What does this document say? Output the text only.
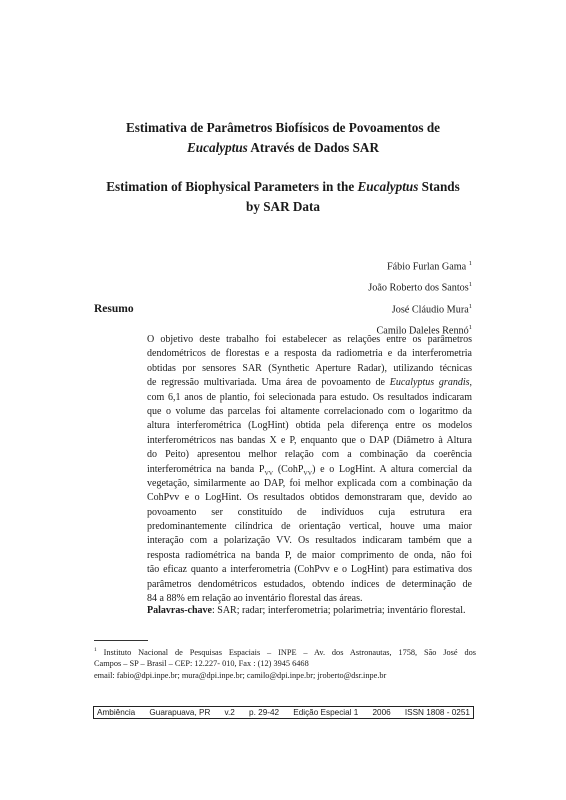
Estimativa de Parâmetros Biofísicos de Povoamentos de
Eucalyptus Através de Dados SAR
Estimation of Biophysical Parameters in the Eucalyptus Stands
by SAR Data
Fábio Furlan Gama $^1$
João Roberto dos Santos$^1$
José Cláudio Mura$^1$
Camilo Daleles Rennó$^1$
Resumo
O objetivo deste trabalho foi estabelecer as relações entre os parâmetros
dendométricos de florestas e a resposta da radiometria e da interferometria
obtidas por sensores SAR (Synthetic Aperture Radar), utilizando técnicas
de regressão multivariada. Uma área de povoamento de Eucalyptus grandis,
com 6,1 anos de plantio, foi selecionada para estudo. Os resultados indicaram
que o volume das parcelas foi altamente correlacionado com o logaritmo da
altura interferométrica (LogHint) obtida pela diferença entre os modelos
interferométricos nas bandas X e P, enquanto que o DAP (Diâmetro à Altura
do Peito) apresentou melhor relação com a combinação da coerência
interferométrica na banda $P_{VV}$ (CohP$_{VV}$) e o LogHint. A altura comercial da
vegetação, similarmente ao DAP, foi melhor explicada com a combinação da
CohPvv e o LogHint. Os resultados obtidos demonstraram que, devido ao
povoamento ser constituído de indivíduos cuja estrutura era
predominantemente cilíndrica de orientação vertical, houve uma maior
interação com a polarização VV. Os resultados indicaram também que a
resposta radiométrica na banda P, de maior comprimento de onda, não foi
tão eficaz quanto a interferometria (CohPvv e o LogHint) para estimativa dos
parâmetros dendométricos estudados, obtendo índices de determinação de
84 a 88% em relação ao inventário florestal das áreas.
Palavras-chave: SAR; radar; interferometria; polarimetria; inventário florestal.
$^1$ Instituto Nacional de Pesquisas Espaciais – INPE – Av. dos Astronautas, 1758, São José dos
Campos – SP – Brasil – CEP: 12.227- 010, Fax : (12) 3945 6468
email: fabio@dpi.inpe.br; mura@dpi.inpe.br; camilo@dpi.inpe.br; jroberto@dsr.inpe.br
Ambiência Guarapuava, PR v.2 p. 29-42 Edição Especial 1 2006 ISSN 1808 - 0251
